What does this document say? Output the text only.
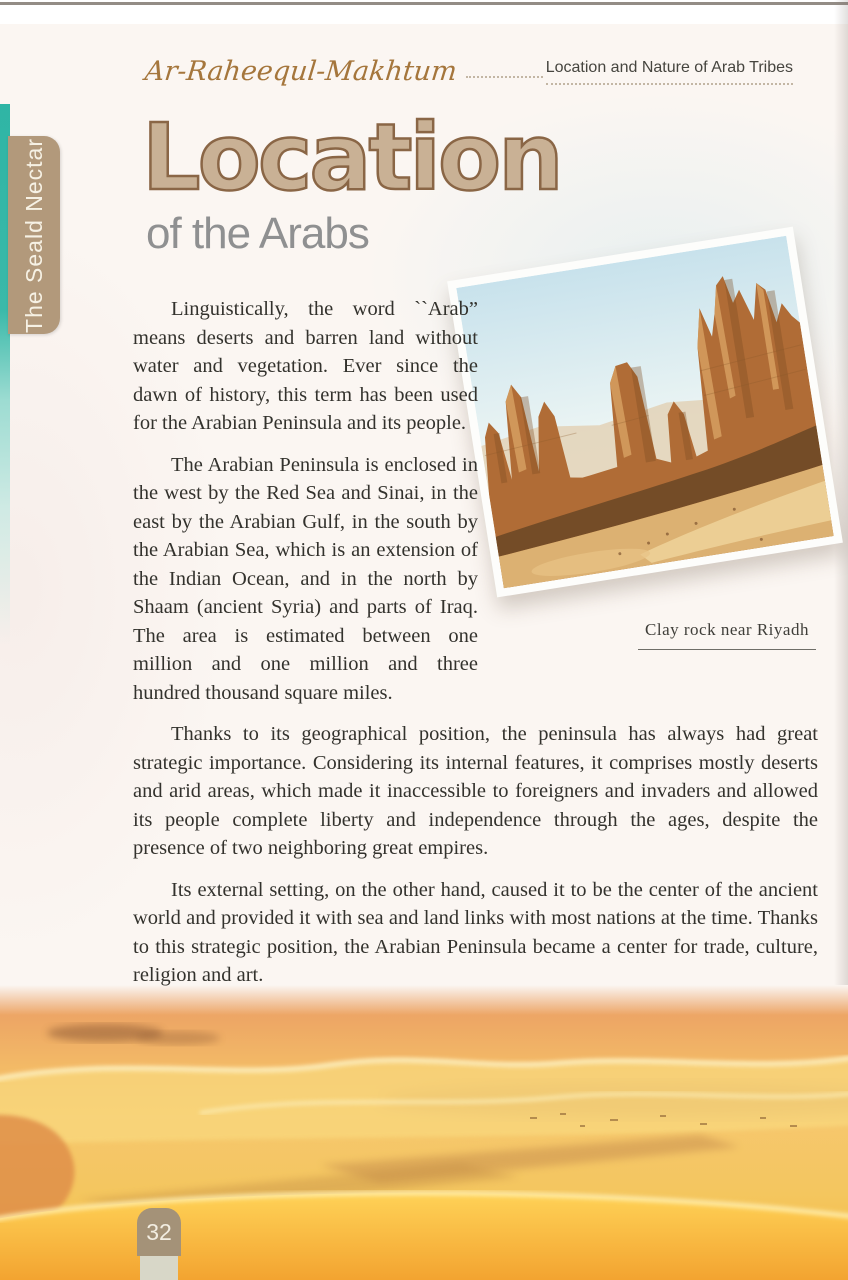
Ar-Raheequl-Makhtum	Location and Nature of Arab Tribes
The Seald Nectar Location
of the Arabs

Linguistically, the word ``Arab” means deserts and barren land without water and vegetation. Ever since the dawn of history, this term has been used for the Arabian Peninsula and its people.

The Arabian Peninsula is enclosed in the west by the Red Sea and Sinai, in the east by the Arabian Gulf, in the south by the Arabian Sea, which is an extension of the Indian Ocean, and in the north by Shaam (ancient Syria) and parts of Iraq. The area is estimated between one million and one million and three hundred thousand square miles.

Thanks to its geographical position, the peninsula has always had great strategic importance. Considering its internal features, it comprises mostly deserts and arid areas, which made it inaccessible to foreigners and invaders and allowed its people complete liberty and independence through the ages, despite the presence of two neighboring great empires.

Its external setting, on the other hand, caused it to be the center of the ancient world and provided it with sea and land links with most nations at the time. Thanks to this strategic position, the Arabian Peninsula became a center for trade, culture, religion and art.

Clay rock near Riyadh
32
